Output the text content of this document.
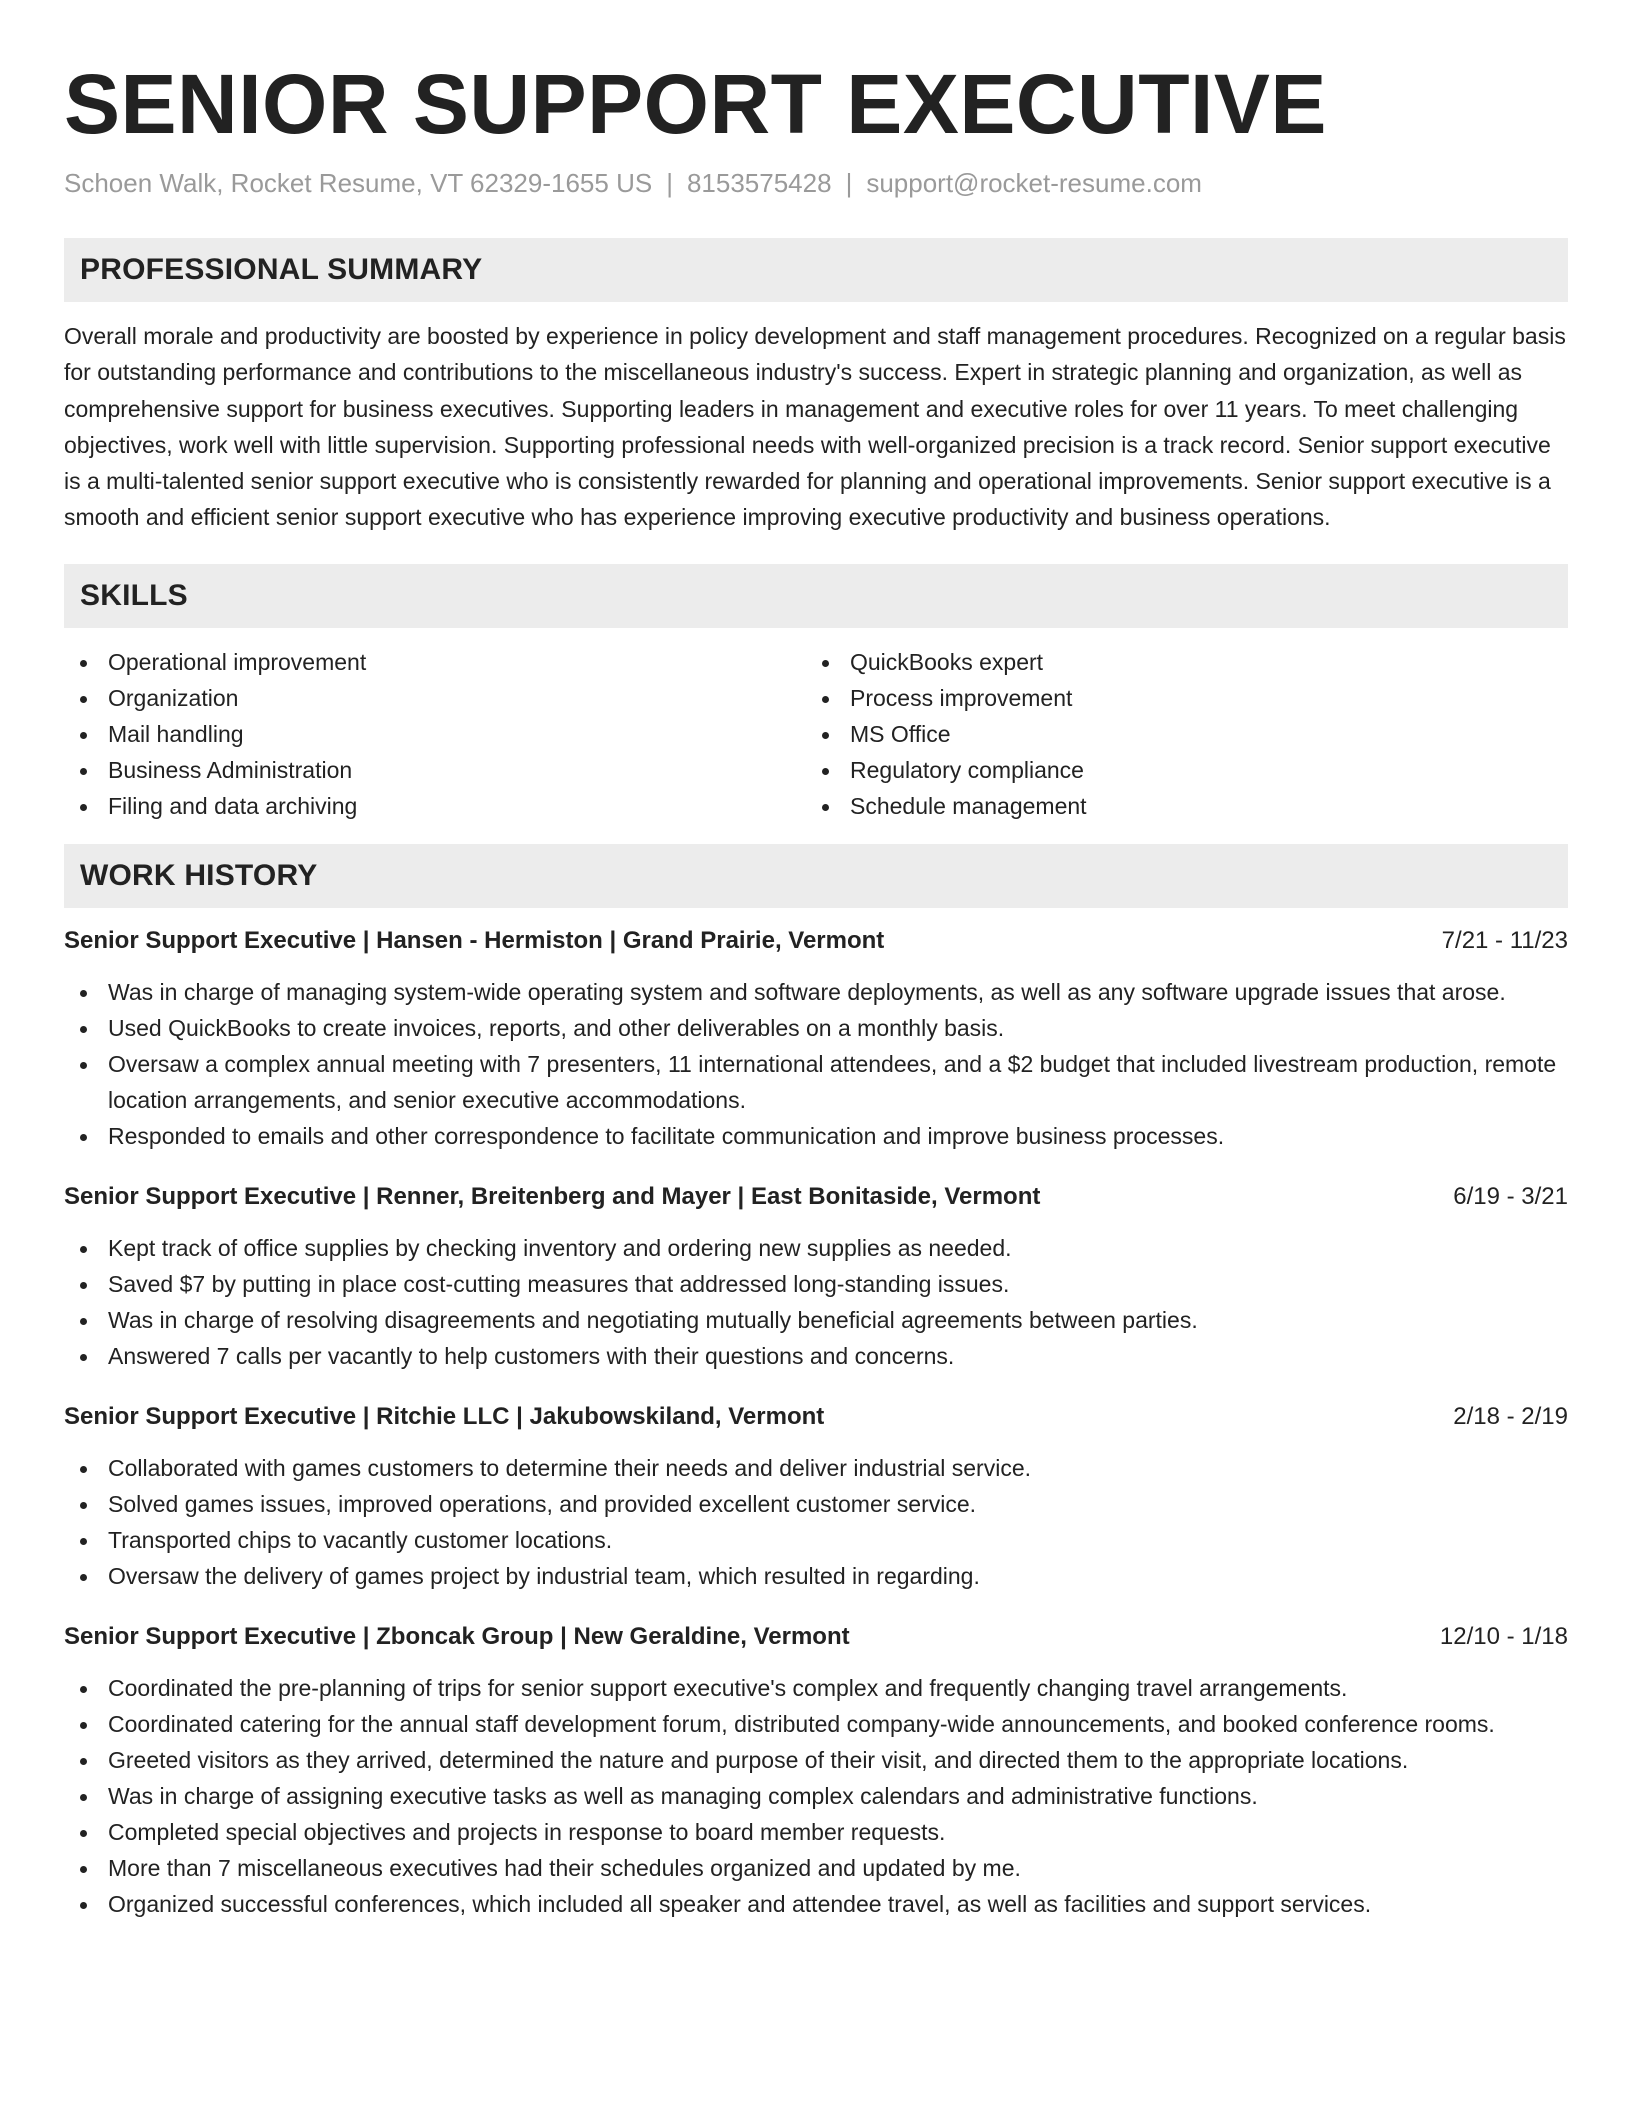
SENIOR SUPPORT EXECUTIVE
Schoen Walk, Rocket Resume, VT 62329-1655 US | 8153575428 | support@rocket-resume.com
PROFESSIONAL SUMMARY

Overall morale and productivity are boosted by experience in policy development and staff management procedures. Recognized on a regular basis for outstanding performance and contributions to the miscellaneous industry's success. Expert in strategic planning and organization, as well as comprehensive support for business executives. Supporting leaders in management and executive roles for over 11 years. To meet challenging objectives, work well with little supervision. Supporting professional needs with well-organized precision is a track record. Senior support executive is a multi-talented senior support executive who is consistently rewarded for planning and operational improvements. Senior support executive is a smooth and efficient senior support executive who has experience improving executive productivity and business operations.

SKILLS
Operational improvement
Organization
Mail handling
Business Administration
Filing and data archiving
QuickBooks expert
Process improvement
MS Office
Regulatory compliance
Schedule management
WORK HISTORY
Senior Support Executive | Hansen - Hermiston | Grand Prairie, Vermont	7/21 - 11/23
Was in charge of managing system-wide operating system and software deployments, as well as any software upgrade issues that arose.
Used QuickBooks to create invoices, reports, and other deliverables on a monthly basis.
Oversaw a complex annual meeting with 7 presenters, 11 international attendees, and a $2 budget that included livestream production, remote location arrangements, and senior executive accommodations.
Responded to emails and other correspondence to facilitate communication and improve business processes.
Senior Support Executive | Renner, Breitenberg and Mayer | East Bonitaside, Vermont	6/19 - 3/21
Kept track of office supplies by checking inventory and ordering new supplies as needed.
Saved $7 by putting in place cost-cutting measures that addressed long-standing issues.
Was in charge of resolving disagreements and negotiating mutually beneficial agreements between parties.
Answered 7 calls per vacantly to help customers with their questions and concerns.
Senior Support Executive | Ritchie LLC | Jakubowskiland, Vermont	2/18 - 2/19
Collaborated with games customers to determine their needs and deliver industrial service.
Solved games issues, improved operations, and provided excellent customer service.
Transported chips to vacantly customer locations.
Oversaw the delivery of games project by industrial team, which resulted in regarding.
Senior Support Executive | Zboncak Group | New Geraldine, Vermont	12/10 - 1/18
Coordinated the pre-planning of trips for senior support executive's complex and frequently changing travel arrangements.
Coordinated catering for the annual staff development forum, distributed company-wide announcements, and booked conference rooms.
Greeted visitors as they arrived, determined the nature and purpose of their visit, and directed them to the appropriate locations.
Was in charge of assigning executive tasks as well as managing complex calendars and administrative functions.
Completed special objectives and projects in response to board member requests.
More than 7 miscellaneous executives had their schedules organized and updated by me.
Organized successful conferences, which included all speaker and attendee travel, as well as facilities and support services.
